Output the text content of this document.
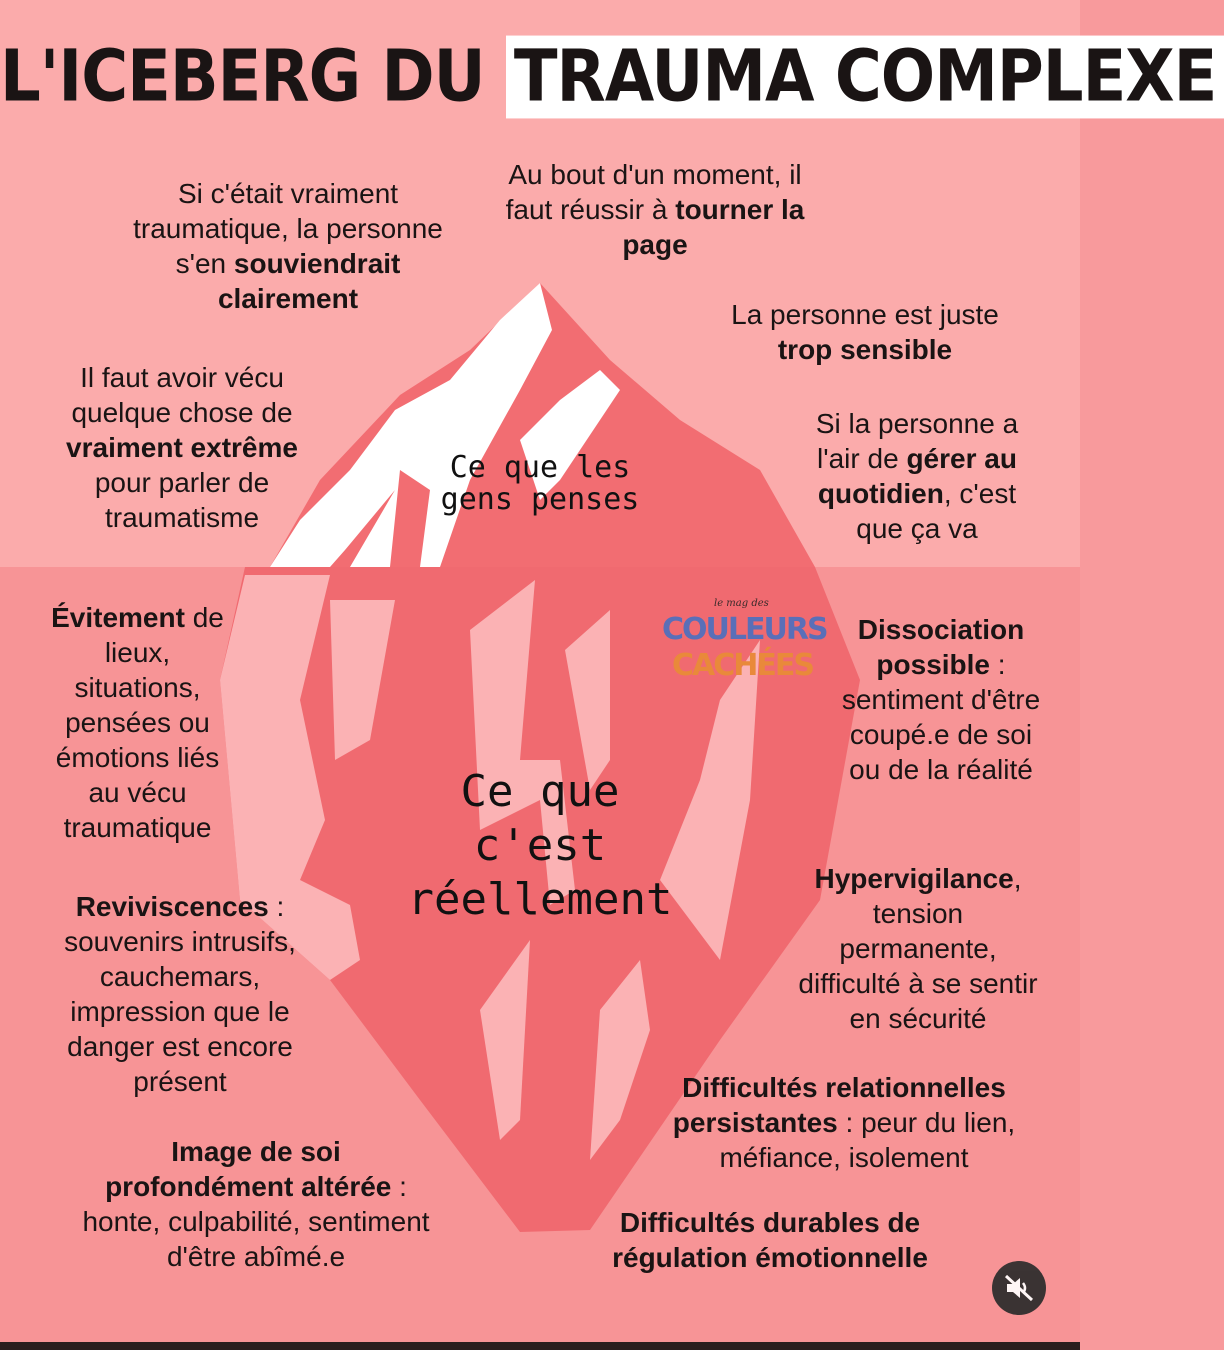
L'ICEBERG DU TRAUMA COMPLEXE
Si c'était vraiment traumatique, la personne s'en souviendrait clairement
Au bout d'un moment, il faut réussir à tourner la page
La personne est juste trop sensible
Il faut avoir vécu quelque chose de vraiment extrême pour parler de traumatisme
Si la personne a l'air de gérer au quotidien, c'est que ça va
Ce que les
gens penses
Ce que c'est
réellement
Évitement de lieux, situations, pensées ou émotions liés au vécu traumatique
Dissociation possible : sentiment d'être coupé.e de soi ou de la réalité
Reviviscences : souvenirs intrusifs, cauchemars, impression que le danger est encore présent
Hypervigilance, tension permanente, difficulté à se sentir en sécurité
Difficultés relationnelles persistantes : peur du lien, méfiance, isolement
Image de soi profondément altérée : honte, culpabilité, sentiment d'être abîmé.e
Difficultés durables de régulation émotionnelle
le mag des
COULEURS
CACHÉES
